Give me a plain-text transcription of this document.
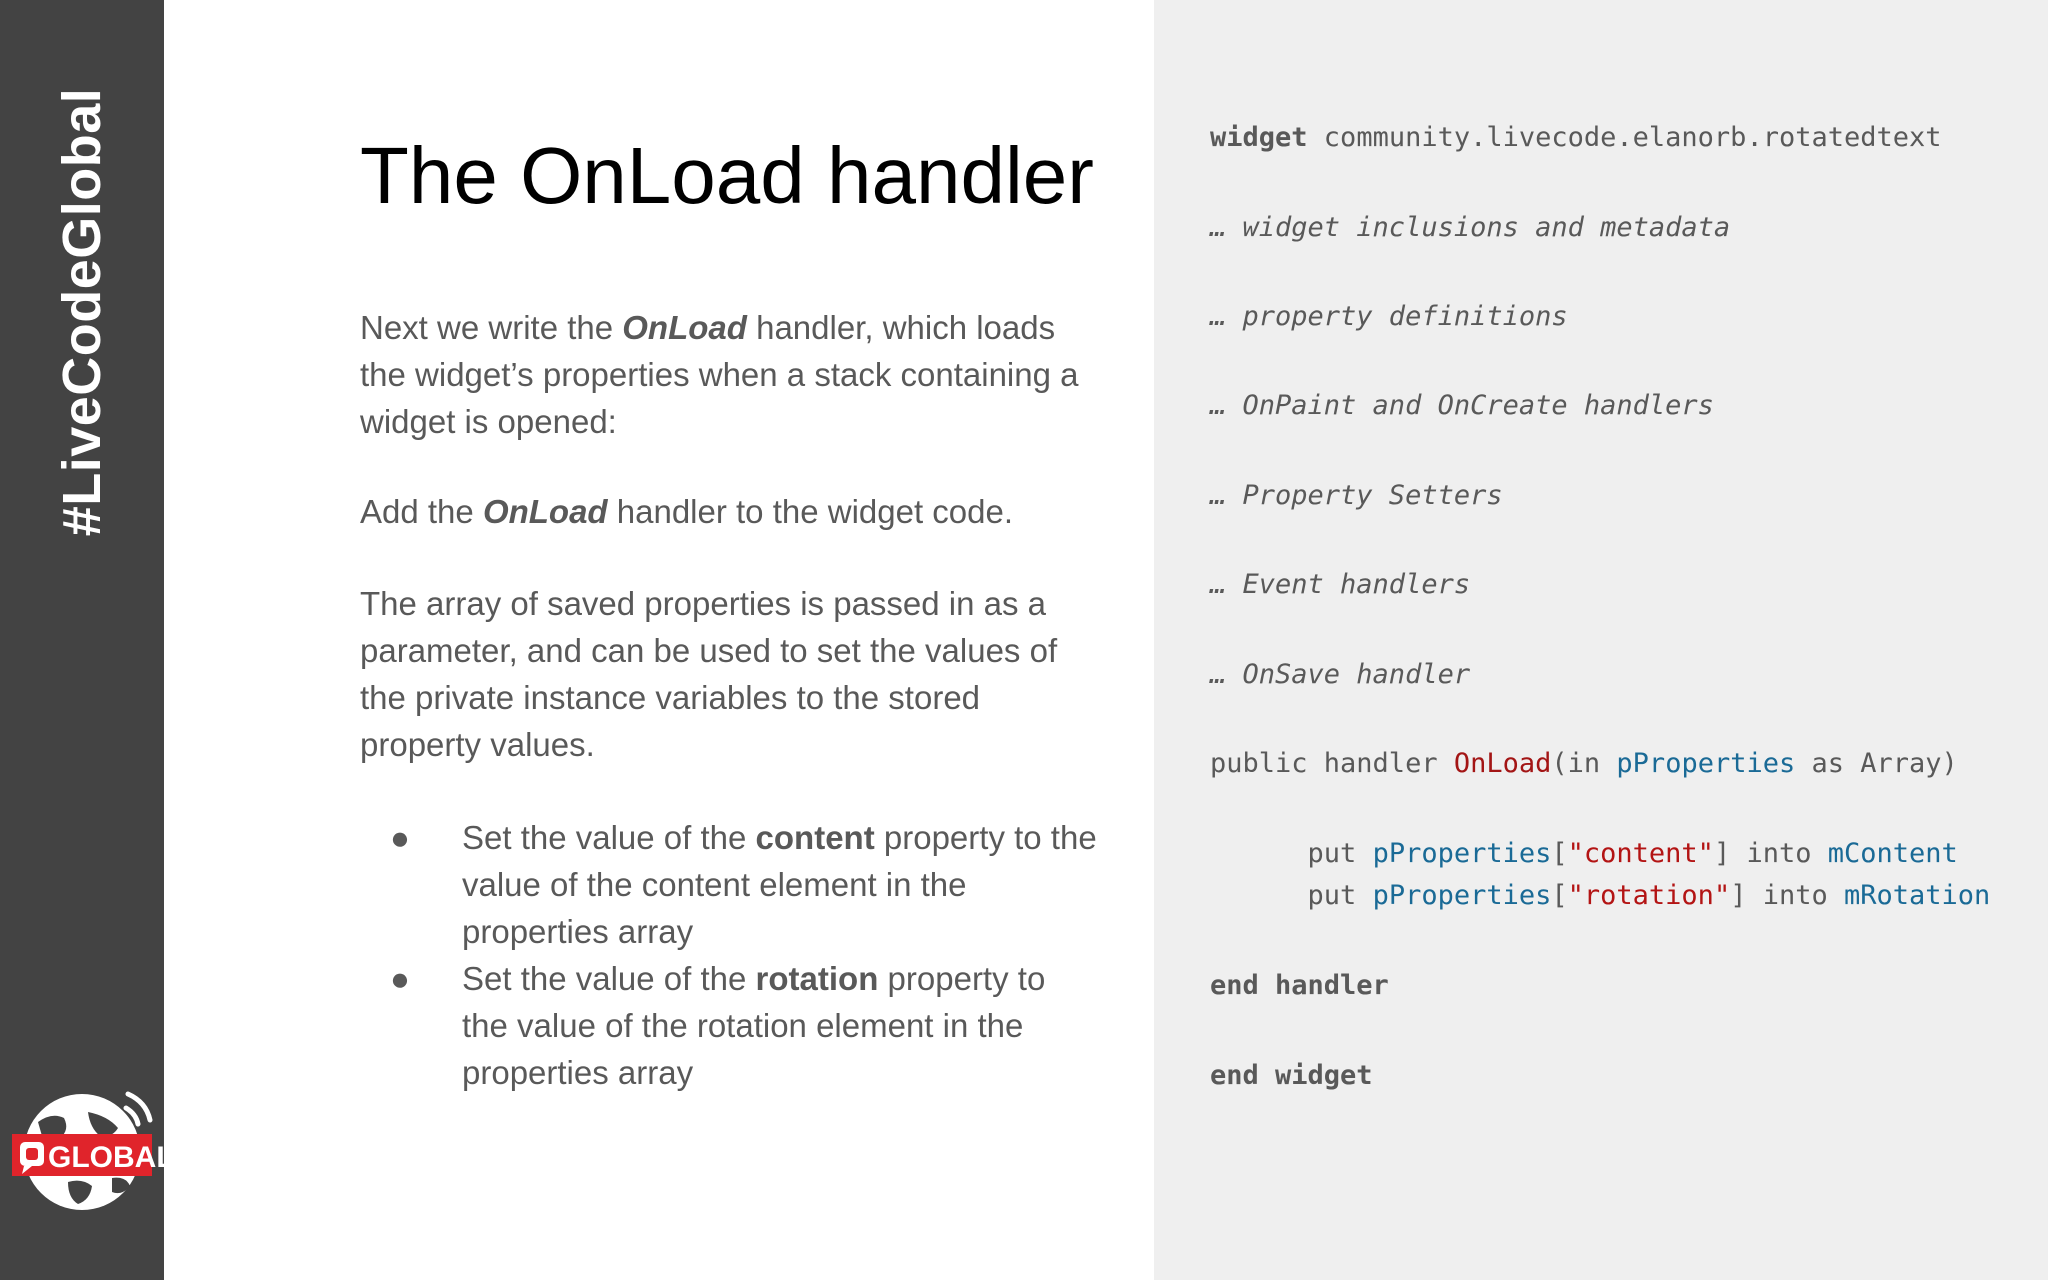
#LiveCodeGlobal
GLOBAL
The OnLoad handler

Next we write the OnLoad handler, which loads the widget’s properties when a stack containing a widget is opened:

Add the OnLoad handler to the widget code.

The array of saved properties is passed in as a parameter, and can be used to set the values of the private instance variables to the stored property values.

● Set the value of the content property to the value of the content element in the properties array
● Set the value of the rotation property to the value of the rotation element in the properties array

widget community.livecode.elanorb.rotatedtext

… widget inclusions and metadata

… property definitions

… OnPaint and OnCreate handlers

… Property Setters

… Event handlers

… OnSave handler

public handler OnLoad(in pProperties as Array)

put pProperties["content"] into mContent

put pProperties["rotation"] into mRotation

end handler

end widget
